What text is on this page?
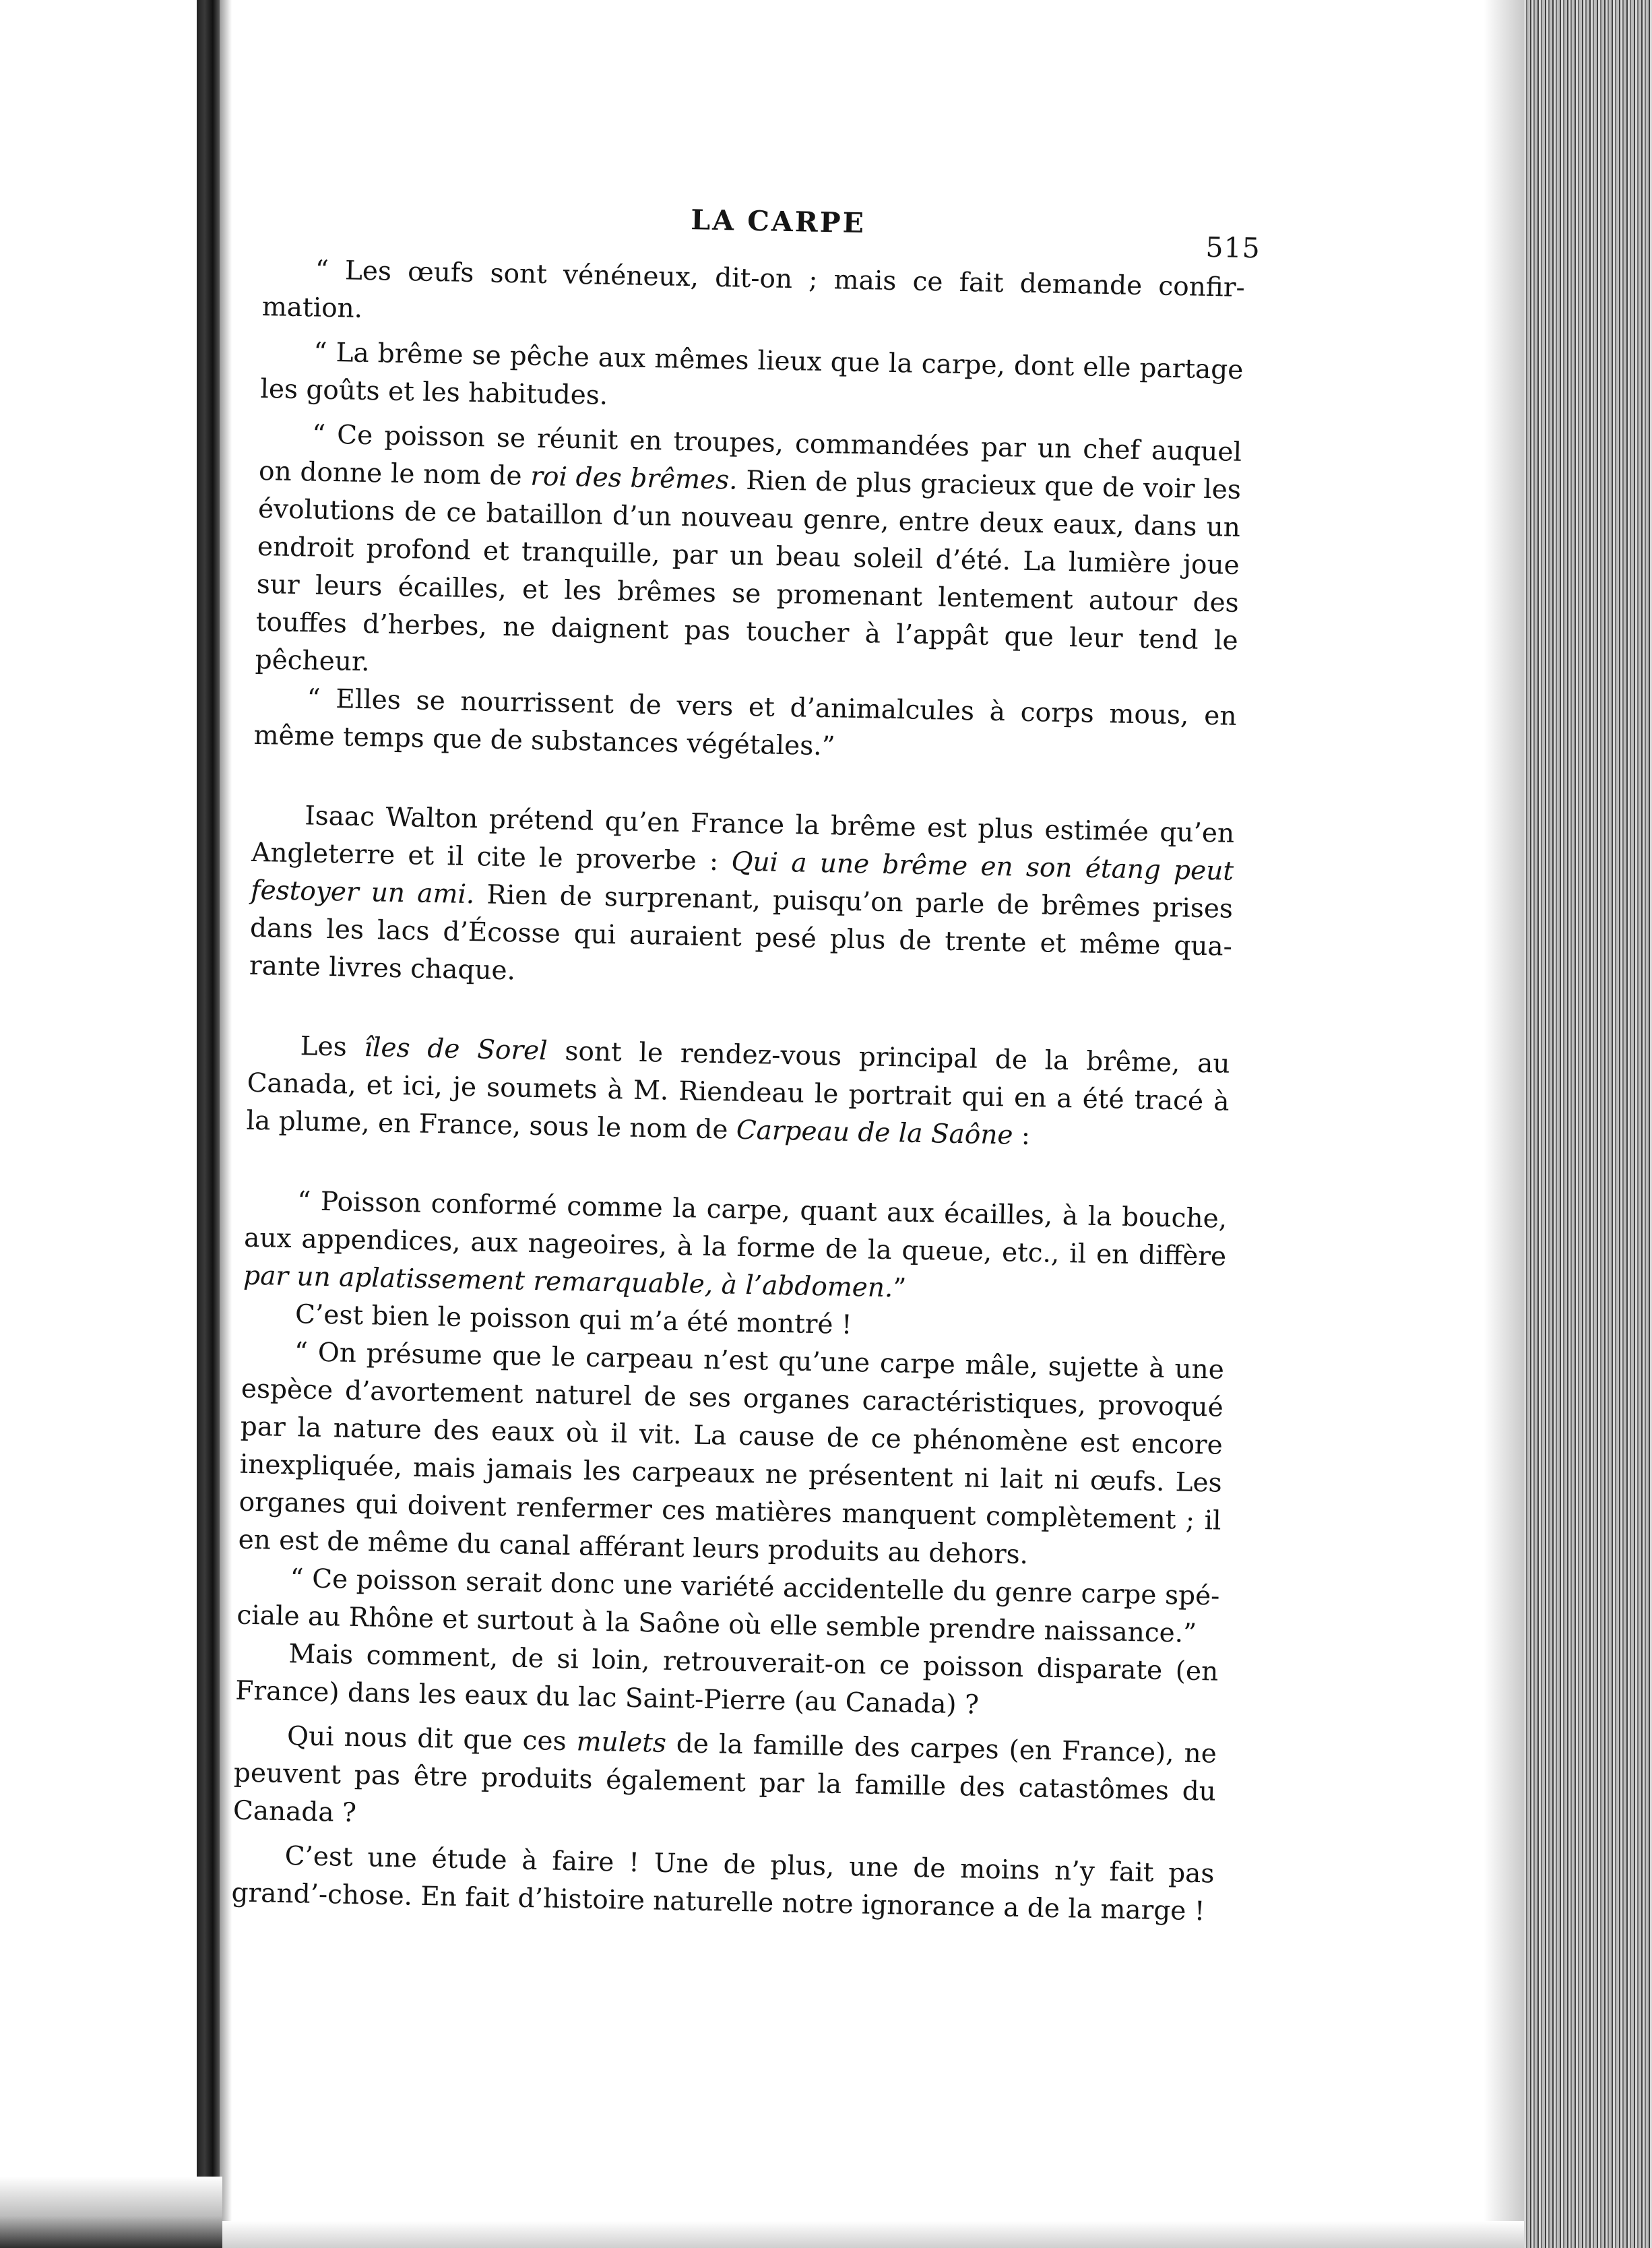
LA CARPE
515

“ Les œufs sont vénéneux, dit-on ; mais ce fait demande confir-mation.

“ La brême se pêche aux mêmes lieux que la carpe, dont elle partage les goûts et les habitudes.

“ Ce poisson se réunit en troupes, commandées par un chef auquel on donne le nom de roi des brêmes. Rien de plus gracieux que de voir les évolutions de ce bataillon d’un nouveau genre, entre deux eaux, dans un endroit profond et tranquille, par un beau soleil d’été. La lumière joue sur leurs écailles, et les brêmes se promenant lentement autour des touffes d’herbes, ne daignent pas toucher à l’appât que leur tend le pêcheur.

“ Elles se nourrissent de vers et d’animalcules à corps mous, en même temps que de substances végétales.”

Isaac Walton prétend qu’en France la brême est plus estimée qu’en Angleterre et il cite le proverbe : Qui a une brême en son étang peut festoyer un ami. Rien de surprenant, puisqu’on parle de brêmes prises dans les lacs d’Écosse qui auraient pesé plus de trente et même qua-rante livres chaque.

Les îles de Sorel sont le rendez-vous principal de la brême, au Canada, et ici, je soumets à M. Riendeau le portrait qui en a été tracé à la plume, en France, sous le nom de Carpeau de la Saône :

“ Poisson conformé comme la carpe, quant aux écailles, à la bouche, aux appendices, aux nageoires, à la forme de la queue, etc., il en diffère par un aplatissement remarquable, à l’abdomen.”

C’est bien le poisson qui m’a été montré !

“ On présume que le carpeau n’est qu’une carpe mâle, sujette à une espèce d’avortement naturel de ses organes caractéristiques, provoqué par la nature des eaux où il vit. La cause de ce phénomène est encore inexpliquée, mais jamais les carpeaux ne présentent ni lait ni œufs. Les organes qui doivent renfermer ces matières manquent complètement ; il en est de même du canal afférant leurs produits au dehors.

“ Ce poisson serait donc une variété accidentelle du genre carpe spé-ciale au Rhône et surtout à la Saône où elle semble prendre naissance.”

Mais comment, de si loin, retrouverait-on ce poisson disparate (en France) dans les eaux du lac Saint-Pierre (au Canada) ?

Qui nous dit que ces mulets de la famille des carpes (en France), ne peuvent pas être produits également par la famille des catastômes du Canada ?

C’est une étude à faire ! Une de plus, une de moins n’y fait pas grand’-chose. En fait d’histoire naturelle notre ignorance a de la marge !
